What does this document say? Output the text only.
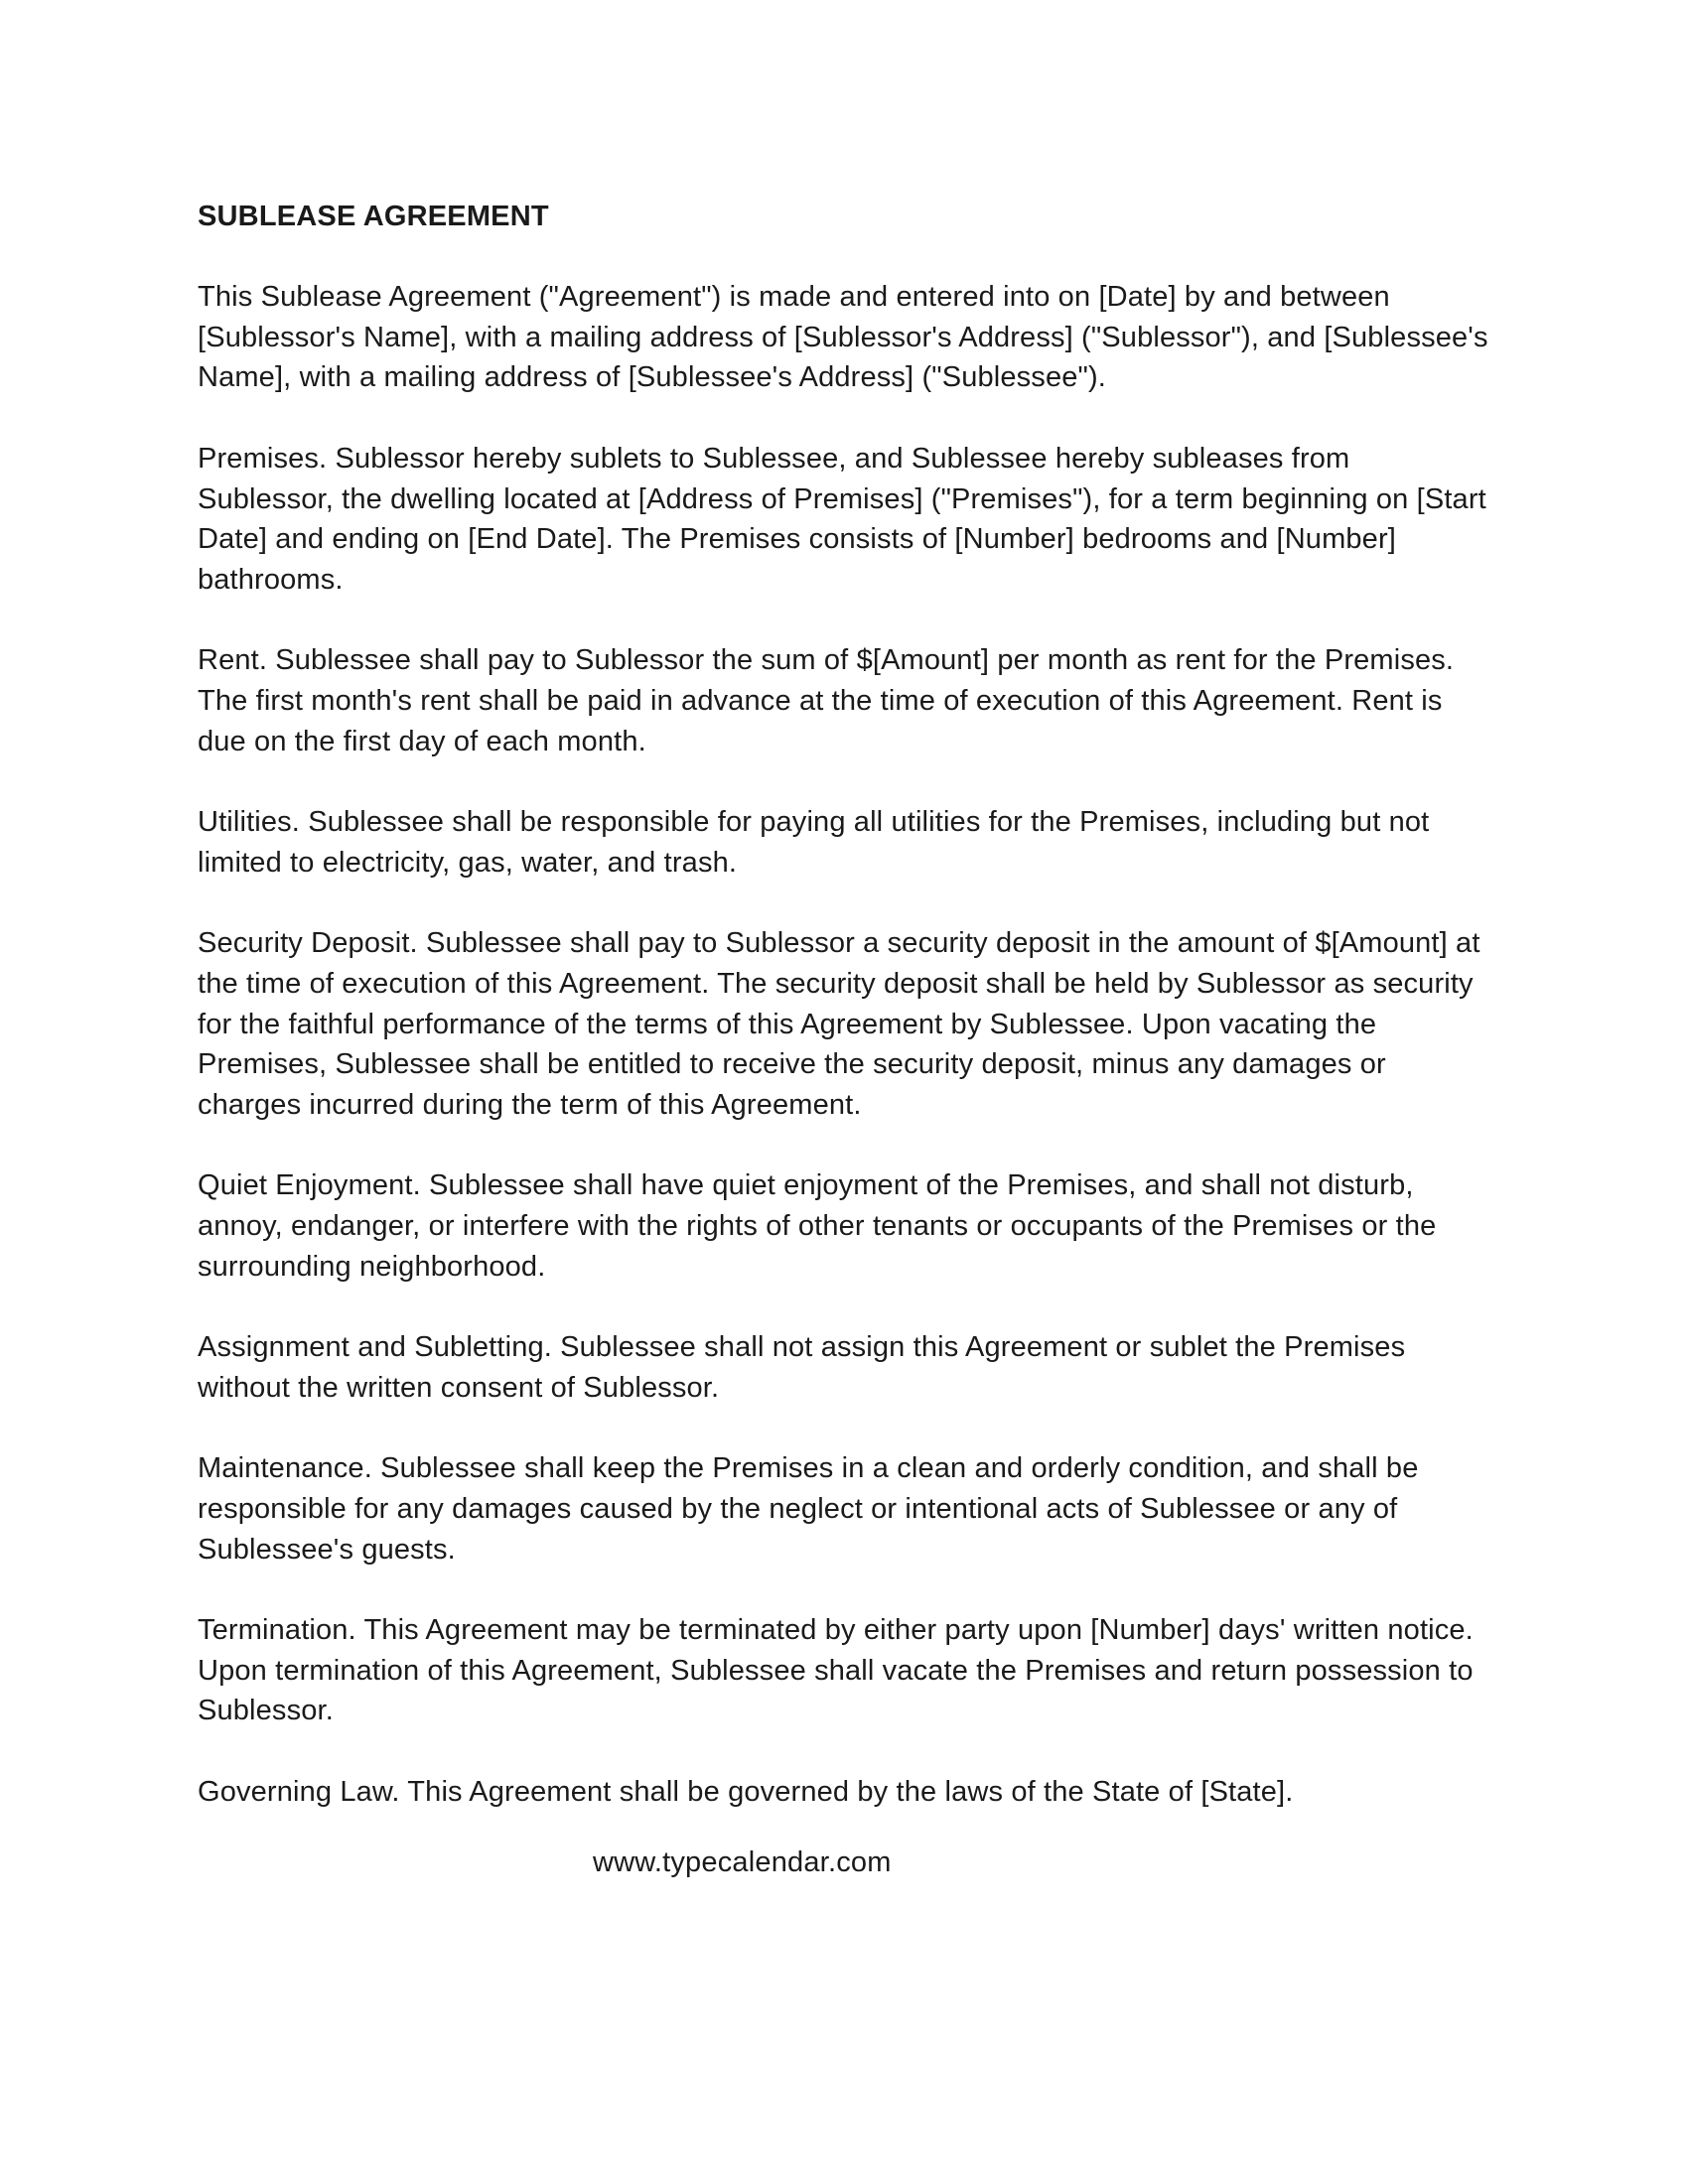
SUBLEASE AGREEMENT

This Sublease Agreement ("Agreement") is made and entered into on [Date] by and between [Sublessor's Name], with a mailing address of [Sublessor's Address] ("Sublessor"), and [Sublessee's Name], with a mailing address of [Sublessee's Address] ("Sublessee").

Premises. Sublessor hereby sublets to Sublessee, and Sublessee hereby subleases from Sublessor, the dwelling located at [Address of Premises] ("Premises"), for a term beginning on [Start Date] and ending on [End Date]. The Premises consists of [Number] bedrooms and [Number] bathrooms.

Rent. Sublessee shall pay to Sublessor the sum of $[Amount] per month as rent for the Premises. The first month's rent shall be paid in advance at the time of execution of this Agreement. Rent is due on the first day of each month.

Utilities. Sublessee shall be responsible for paying all utilities for the Premises, including but not limited to electricity, gas, water, and trash.

Security Deposit. Sublessee shall pay to Sublessor a security deposit in the amount of $[Amount] at the time of execution of this Agreement. The security deposit shall be held by Sublessor as security for the faithful performance of the terms of this Agreement by Sublessee. Upon vacating the Premises, Sublessee shall be entitled to receive the security deposit, minus any damages or charges incurred during the term of this Agreement.

Quiet Enjoyment. Sublessee shall have quiet enjoyment of the Premises, and shall not disturb, annoy, endanger, or interfere with the rights of other tenants or occupants of the Premises or the surrounding neighborhood.

Assignment and Subletting. Sublessee shall not assign this Agreement or sublet the Premises without the written consent of Sublessor.

Maintenance. Sublessee shall keep the Premises in a clean and orderly condition, and shall be responsible for any damages caused by the neglect or intentional acts of Sublessee or any of Sublessee's guests.

Termination. This Agreement may be terminated by either party upon [Number] days' written notice. Upon termination of this Agreement, Sublessee shall vacate the Premises and return possession to Sublessor.

Governing Law. This Agreement shall be governed by the laws of the State of [State].

www.typecalendar.com
